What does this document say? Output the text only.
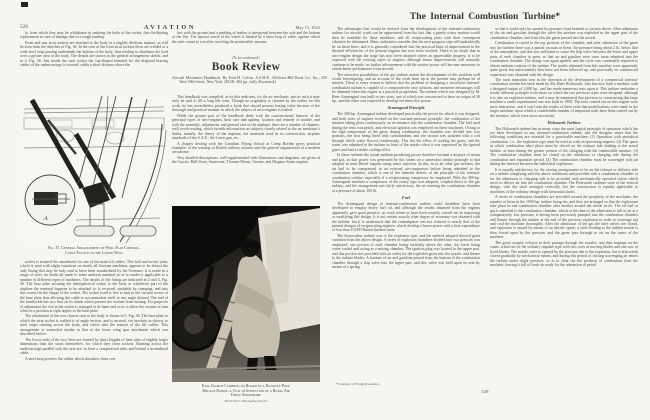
528	AVIATION	May 15, 1922
ly, from which they may be withdrawn by undoing the bolts of the socket, thus facilitating replacement in case of damage due to a rough landing.
Front and rear strut sockets are attached to the body in a slightly different manner, as will be seen from the sketches of Fig. 36. In the case of the front strut sockets these are welded to a wide steel strip passing underneath the bottom of the body, thus tending to distribute the load over a greater area of the body. The details are shown in the general arrangement sketch, and in 4, Fig. 36. Just inside the strut socket the cup-shaped terminal for the diagonal bracing cables of the undercarriage is secured, while a short distance above the
A
Fig. 37. General Arrangement of Wing Flap Control,
Cable Pulleys in the Lower Wing
socket is situated the attachment for one of the main lift cables. This ball and socket joint, which is used with slight variations on nearly all German machines, appears to be almost the only fitting that may be truly said to have been standardized by the Germans. It is made in a range of sizes, no doubt all made to some uniform standard so as to render it applicable to a number of different types of machines. The details of the fitting are indicated in 2 and 3, Fig. 36. The base plate securing the hemispherical socket to the body or whichever part of the airplane the terminal happens to be attached to, is recessed, probably by stamping, and into this recess fits the flange of the socket. The socket itself is free to turn in the circular recess of the base plate thus allowing the cable to accommodate itself to any angle desired. The end of the turnbuckle has two flats on its shank which prevent the strainer from turning. For purposes of adjustment the slot in the socket is enlarged at its inner end so as to allow the strainer to turn when in a position at right angles to the base plate.
The attachment of the rear chassis strut to the body is shown in 5, Fig. 36. The base plate to which the strut socket is welded is of angle section, and is secured, via brackets as shown, to steel strips running across the body, and which take the tension of the lift cables. This arrangement is somewhat similar to that of the lower wing spar attachment which was described before.
The lower ends of the two Vees are formed by short lengths of bent tube of slightly larger dimensions than the struts themselves, for which they form sockets. Running across the undercarriage parallel with the axle are: in front a compression tube, and behind a streamlined cable.
A steel strip protects the rubber shock absorbers from con-
tact with the ground and a padding of leather is interposed between the axle and the bottom of the Vee. The upward travel of the wheel is limited by a short loop of cable, against which the axle comes to rest after traveling the permissible amount.
(To be continued.)
Book Review
Aircraft Mechanics Handbook. By Fred H. Colvin, A.S.M.E., McGraw-Hill Book Co., Inc., 239 West 39th Street, New York. ($3.00. 402 pp., fully illustrated.)
This handbook was compiled, as its title indicates, for the air mechanic, and as such it may truly be said to fill a long felt want. Though no originality is claimed by the author for this work, he has nevertheless produced a book that should possess lasting value because of the thorough and practical manner in which the subject of aero-engines is treated.
While the greater part of the handbook deals with the constructional features of the principal types of aero-engines, their care and upkeep, location and remedy of trouble, and with the assembly, adjustment, and general care of the airplane, there are a number of chapters, well worth reading, which furnish information on subjects closely related to the air mechanic's duties, namely, the theory of the airplane, the materials used in its construction, airplane standards of the S.A.E., the Lewis gun, etc.
A chapter dealing with the Canadian Flying School at Camp Borden gives practical examples of the training of British military aviators and the general organization of a modern aerodrome.
Very detailed descriptions, well supplemented with illustrations and diagrams, are given of the Curtiss, Hall-Scott, Sturtevant, Thomas-Morse, Gnome, and Hispano-Suiza engines.
King George Climbing on Board of a Handley-Page
Biplane During a Visit of Inspection of a Royal Air
Force Aerodrome
Photo Press Illustrating Service
The Internal Combustion Turbine*
The advantages that would be derived from the development of the internal-combustion turbine for aircraft work can be appreciated from the fact that a purely rotary motion would then be available for these machines, and all reciprocating parts with their consequent vibration be eliminated. Many authorities consider that the next progress step will undoubtedly be on these lines, and it is generally considered that the practical limit of improvement in the thermal efficiencies of the present engines has now been reached. There is no doubt that in aero-engine design the stage has now been attained where an appreciable progress is to be expected with the existing types of engines, although minor improvements will naturally continue to be made, no further advancement with the motive power will become necessary to obtain better performance from aircraft.
The attractive possibilities of the gas turbine makes the development of this problem well worth investigating, and an account of the work done up to the present may perhaps be of interest. There is every reason to believe that the problem of designing a successful internal-combustion turbine is capable of a comparatively easy solution, and immense advantages will be obtained when this engine is a practical proposition. The turbine which was designed by M. Rene Armengaud was built in two sizes, one of which was constructed to have an output of 30 hp., and the other was expected to develop ten times this power.
Armengaud Principle
The 300-hp. Armengaud turbine developed practically the power for which it was designed, and both sizes of engines worked on the constant-pressure principle, the combustion of the mixture taking place continuously on its entrance into the combustion chamber. The fuel used during the tests was petrol, and electrical ignition was employed on these machines. Owing to the high temperature of the gases during combustion, the chamber was divided into two portions, the first being lined with carborundum, and the second was jacketed with a coil through which water flowed continuously. This has the effect of cooling the gases, and the water was admitted to the turbine in front of the nozzle when it was vaporized by the ignited gases and had a further cooling effect.
In these turbines the actual medium producing power therefore became a mixture of steam and gas, so that power was generated by this steam on a somewhat similar principle to that adopted in semi-Diesel engines using water injection. In this, as in all other gas turbines, the air had to be compressed in an external air-compressor before being admitted to the combustion chamber, which is one of the inherent defects of the principle of the internal-combustion turbine, especially if a reciprocating compressor be employed. With the 300-hp. Armengaud machine a compressor of the rotary type was adopted, coupled direct to the gas turbine, and the arrangement was fairly satisfactory, the air entering the combustion chamber at a pressure of about 100 lb.
Fuel
The Armengaud design of internal-combustion turbine could doubtless have been developed to employ heavy fuel oil, and although the results obtained from the engines apparently gave great promise, no work seems to have been recently carried out in improving or modifying this design. It is not certain exactly what degree of economy was obtained with the turbine, but it is understood that the consumption was not reduced to nearly that of the present designs of reciprocating engines, which develop a horse-power with a heat expenditure of less than 10,000 British thermal units.
The Karavodine turbine was of the explosion type, and the method adopted showed great variation from the above design. A series of explosion chambers divided into two portions was employed, one portion of each chamber being vertically above the other, the lower being water-cooled and acting as a mixing chamber. The ignition plug was located in the upper part, and this portion was provided with an outlet for the exploded gases into the nozzle, and thence to the turbine blades. A mixture of air and gasoline passed from the bottom of the combustion chamber through a flap valve into the upper part, and this valve was held upon its seat by means of a spring,
so that it could only be opened by pressure from beneath or suction above. After admission of the air and gasoline through the valve the mixture was exploded in the upper part of the combustion chamber, and from this the gases passed into the nozzle.
Combustion occurred in the top portions of the chamber, and after admission of the gases into the turbine there was a partial vacuum in these, the pressure being about 2 lb. below that of the atmosphere, and this was sufficient to cause the flap valve between the lower and upper parts of each chamber to open, so that air and gasoline were once more admitted into the combustion chamber. The charge was again ignited, and the cycle was continually repeated to obtain uniform rotation of the turbine. The results obtained from this machine were apparently quite good, but unfortunately they have not been followed up, and practically no commercial experience was obtained with the design.
The most important step in the direction of the development of a commercial internal-combustion turbine has been made by Mr. Hans Holzwarth, who has now built a machine with a designed output of 1,000 hp., and has made numerous tests upon it. This turbine embodies a totally different principle from those on which the two previous types were designed, although it is also an explosion turbine, and it may be mentioned that previous to constructing this large machine a small experimental one was built in 1908. The tests carried out on this engine were most instructive, and it was from the results of these tests that modifications were made in the larger machine; upon which a considerable number of important trials have been carried out by the inventor, which were most successful.
Holzwarth Turbine
The Holzwarth turbine has in many ways the most logical principle of operation which has yet been developed in any internal-combustion turbine, and the designer states that the following conditions are essential for a practicable machine: (1) Operation with periodical combustion, i.e., the explosion type must be used as with reciprocating engines. (2) The space in which combustion takes place must be closed on the exhaust side leading to the actual turbine, at least during the greater portion of the charging with the combustible mixture. (3) The combustion chamber must be closed on the admission or charging side during the combustion and expansion period. (4) The combustion chamber must be scavenged with air during the interval between the individual explosions.
It is equally satisfactory for the closing arrangements to be on the exhaust or delivery side on a turbine complying with the above conditions and provided with a combustion chamber or for the admission or charging side to be provided with mechanically operated valves which serve to deliver air into the combustion chamber. The Holzwarth turbines were of the vertical design, with the shaft arranged vertically, but the construction is equally applicable to machines of the ordinary design with horizontal shafts.
A series of combustion chambers are provided around the periphery of the machines, the number of these in the 1000-hp. turbine being ten, and they are arranged so that the explosions take place in one combustion chamber after another around the whole circle. The oil fuel or gas is admitted to the combustion chamber, which at the time of the admission is full of air at a comparatively low pressure, it having been previously pumped into the combustion chamber and flames through the turbine at the end of the previous explosion in order to scavenge out and cool the machine thoroughly. After the admission of the gas the inlet valves are closed, and explosion is caused by means of an electric spark; a valve leading to the turbine nozzle is then forced open by the pressure, and the gases pass through to act on the vanes of the machine.
The gases acquire velocity in their passage through the nozzles, and then impinge on the vanes, which are of the ordinary impulse type with two rows of moving blades and one row of fixed blades. The nozzle valve is opened by the pressure due to the explosion, but is afterwards closed gradually by mechanical means, and during this period of closing scavenging air enters the turbine under slight pressure, so as to clear out the products of combustion from the machine, leaving it full of fresh air ready for the admission of petrol.
*Courtesy of Flying (London.)
529
